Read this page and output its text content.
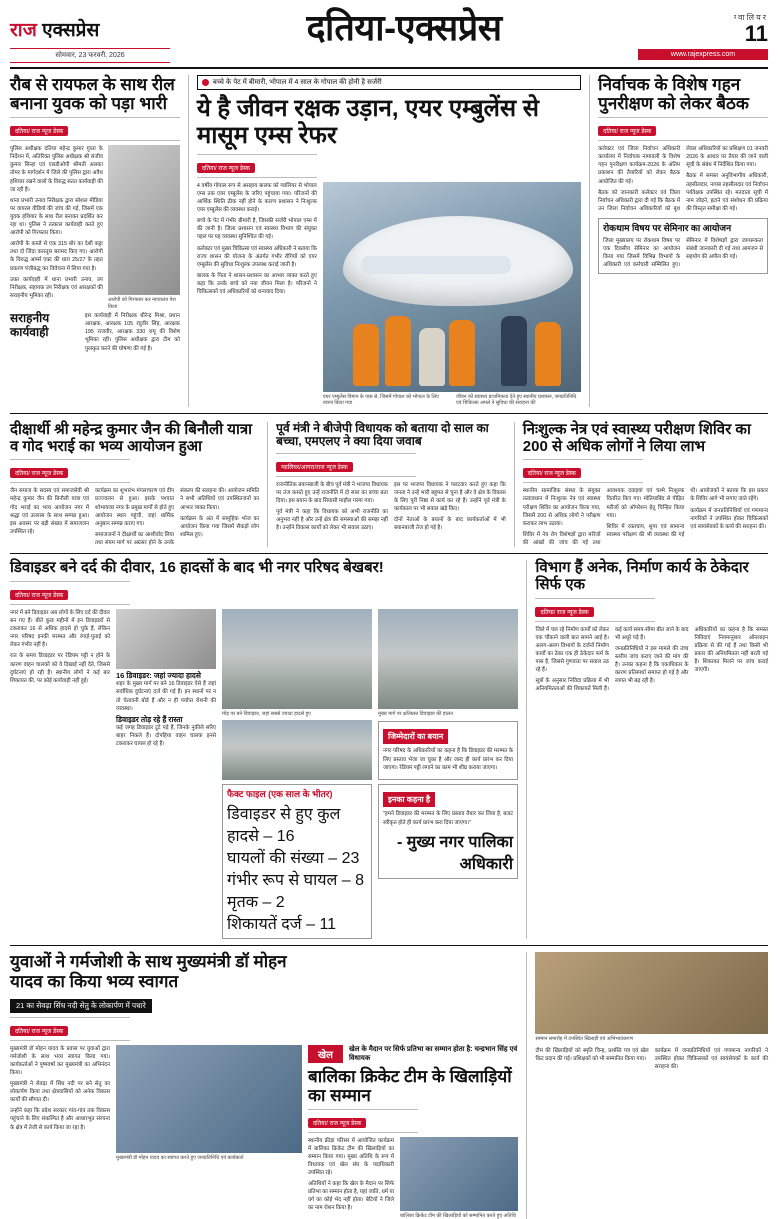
राज एक्सप्रेस
सोमवार, 23 फरवरी, 2026
दतिया-एक्सप्रेस	ग्वालियर
11
www.rajexpress.com
रौब से रायफल के साथ रील बनाना युवक को पड़ा भारी
दतिया/ राज न्यूज डेस्क

पुलिस अधीक्षक दतिया महेन्द्र कुमार गुप्ता के निर्देशन में, अतिरिक्त पुलिस अधीक्षक श्री संजीव कुमार सिन्हा एवं एसडीओपी श्रीमती अलका तोमर के मार्गदर्शन में जिले की पुलिस द्वारा अवैध हथियार रखने वालों के विरुद्ध सतत कार्यवाही की जा रही है।

थाना प्रभारी उनाव निरीक्षक द्वारा सोशल मीडिया पर वायरल वीडियो की जांच की गई, जिसमें एक युवक हथियार के साथ रील बनाकर प्रदर्शित कर रहा था। पुलिस ने तत्काल कार्यवाही करते हुए आरोपी को गिरफ्तार किया।

आरोपी के कब्जे से एक 315 बोर का देशी कट्टा तथा दो जिंदा कारतूस बरामद किए गए। आरोपी के विरुद्ध आर्म्स एक्ट की धारा 25/27 के तहत प्रकरण पंजीबद्ध कर विवेचना में लिया गया है।

उक्त कार्यवाही में थाना प्रभारी उनाव, उप निरीक्षक, सहायक उप निरीक्षक एवं आरक्षकों की सराहनीय भूमिका रही।

आरोपी को गिरफ्तार कर न्यायालय पेश किया
सराहनीय कार्यवाही

इस कार्यवाही में निरीक्षक धीरेन्द्र मिश्रा, प्रधान आरक्षक, आरक्षक 105 रघुवीर सिंह, आरक्षक 195 राजवीर, आरक्षक 330 रामू की विशेष भूमिका रही। पुलिस अधीक्षक द्वारा टीम को पुरस्कृत करने की घोषणा की गई है।

बच्चे के पेट में बीमारी, भोपाल में 4 साल के गोपाल की होनी है सर्जरी
ये है जीवन रक्षक उड़ान, एयर एम्बुलेंस से मासूम एम्स रेफर
दतिया/ राज न्यूज डेस्क

4 वर्षीय गोपाल रूप से असहाय बालक को ग्वालियर से भोपाल एम्स तक एयर एम्बुलेंस के जरिए पहुंचाया गया। परिजनों की आर्थिक स्थिति ठीक नहीं होने के कारण प्रशासन ने निःशुल्क एयर एम्बुलेंस की व्यवस्था कराई।

बच्चे के पेट में गंभीर बीमारी है, जिसकी सर्जरी भोपाल एम्स में की जानी है। जिला प्रशासन एवं स्वास्थ्य विभाग की संयुक्त पहल पर यह व्यवस्था सुनिश्चित की गई।

कलेक्टर एवं मुख्य चिकित्सा एवं स्वास्थ्य अधिकारी ने बताया कि राज्य शासन की योजना के अंतर्गत गंभीर रोगियों को एयर एम्बुलेंस की सुविधा निःशुल्क उपलब्ध कराई जाती है।

बालक के पिता ने शासन-प्रशासन का आभार व्यक्त करते हुए कहा कि उनके बच्चे को नया जीवन मिला है। परिजनों ने चिकित्सकों एवं अधिकारियों को धन्यवाद दिया।

एयर एम्बुलेंस विमान के पास से, जिसमें गोपाल को भोपाल के लिए रवाना किया गया
जीवन को स्वास्थ्य प्राथमिकता देते हुए स्थानीय प्रशासन, जनप्रतिनिधि एवं चिकित्सा अमले ने सुविधा की सराहना की
निर्वाचक के विशेष गहन पुनरीक्षण को लेकर बैठक
दतिया/ राज न्यूज डेस्क

कलेक्टर एवं जिला निर्वाचन अधिकारी कार्यालय में निर्वाचक नामावली के विशेष गहन पुनरीक्षण कार्यक्रम-2026 के अंतिम प्रकाशन की तैयारियों को लेकर बैठक आयोजित की गई।

बैठक को जानकारी कलेक्टर एवं जिला निर्वाचन अधिकारी द्वारा दी गई कि बैठक में उन जिला निर्वाचन अधिकारियों को बूथ लेवल अधिकारियों का प्रशिक्षण 01 जनवरी 2026 के आधार पर तैयार की जाने वाली सूची के संबंध में निर्देशित किया गया।

बैठक में समस्त अनुविभागीय अधिकारी, तहसीलदार, नायब तहसीलदार एवं निर्वाचन पर्यवेक्षक उपस्थित रहे। मतदाता सूची में नाम जोड़ने, हटाने एवं संशोधन की प्रक्रिया की विस्तृत समीक्षा की गई।

रोकथाम विषय पर सेमिनार का आयोजन

जिला मुख्यालय पर रोकथाम विषय पर एक दिवसीय सेमिनार का आयोजन किया गया जिसमें विभिन्न विभागों के अधिकारी एवं कर्मचारी सम्मिलित हुए। सेमिनार में विशेषज्ञों द्वारा जागरूकता संबंधी जानकारी दी गई तथा आमजन से सहयोग की अपील की गई।

दीक्षार्थी श्री महेन्द्र कुमार जैन की बिनौली यात्रा व गोद भराई का भव्य आयोजन हुआ
दतिया/ राज न्यूज डेस्क

जैन समाज के सदस्य एवं समाजसेवी श्री महेन्द्र कुमार जैन की बिनौली यात्रा एवं गोद भराई का भव्य आयोजन नगर में श्रद्धा एवं उल्लास के साथ सम्पन्न हुआ। इस अवसर पर बड़ी संख्या में समाजजन उपस्थित रहे।

कार्यक्रम का शुभारंभ मंगलाचरण एवं दीप प्रज्ज्वलन से हुआ। इसके पश्चात शोभायात्रा नगर के प्रमुख मार्गों से होते हुए आयोजन स्थल पहुंची, जहां धार्मिक अनुष्ठान सम्पन्न कराए गए।

समाजजनों ने दीक्षार्थी का आशीर्वाद लिया तथा संयम मार्ग पर अग्रसर होने के उनके संकल्प की सराहना की। आयोजन समिति ने सभी अतिथियों एवं उपस्थितजनों का आभार व्यक्त किया।

कार्यक्रम के अंत में सामूहिक भोज का आयोजन किया गया जिसमें सैकड़ों लोग शामिल हुए।

पूर्व मंत्री ने बीजेपी विधायक को बताया दो साल का बच्चा, एमएलए ने क्या दिया जवाब
ग्वालियर/आगरा/राज न्यूज डेस्क

राजनीतिक बयानबाजी के बीच पूर्व मंत्री ने भाजपा विधायक पर तंज कसते हुए उन्हें राजनीति में दो साल का बच्चा बता दिया। इस बयान के बाद सियासी माहौल गरमा गया।

पूर्व मंत्री ने कहा कि विधायक को अभी राजनीति का अनुभव नहीं है और उन्हें क्षेत्र की समस्याओं की समझ नहीं है। उन्होंने विकास कार्यों को लेकर भी सवाल उठाए।

इस पर भाजपा विधायक ने पलटवार करते हुए कहा कि जनता ने उन्हें भारी बहुमत से चुना है और वे क्षेत्र के विकास के लिए पूरी निष्ठा से कार्य कर रहे हैं। उन्होंने पूर्व मंत्री के कार्यकाल पर भी सवाल खड़े किए।

दोनों नेताओं के बयानों के बाद कार्यकर्ताओं में भी बयानबाजी तेज हो गई है।

निःशुल्क नेत्र एवं स्वास्थ्य परीक्षण शिविर का 200 से अधिक लोगों ने लिया लाभ
दतिया/ राज न्यूज डेस्क

स्थानीय सामाजिक संस्था के संयुक्त तत्वावधान में निःशुल्क नेत्र एवं स्वास्थ्य परीक्षण शिविर का आयोजन किया गया, जिसमें 200 से अधिक लोगों ने परीक्षण कराकर लाभ उठाया।

शिविर में नेत्र रोग विशेषज्ञों द्वारा मरीजों की आंखों की जांच की गई तथा आवश्यक दवाइयां एवं चश्मे निःशुल्क वितरित किए गए। मोतियाबिंद से पीड़ित मरीजों को ऑपरेशन हेतु चिन्हित किया गया।

शिविर में रक्तचाप, शुगर एवं सामान्य स्वास्थ्य परीक्षण की भी व्यवस्था की गई थी। आयोजकों ने बताया कि इस प्रकार के शिविर आगे भी लगाए जाते रहेंगे।

कार्यक्रम में जनप्रतिनिधियों एवं गणमान्य नागरिकों ने उपस्थित होकर चिकित्सकों एवं स्वयंसेवकों के कार्य की सराहना की।

डिवाइडर बने दर्द की दीवार, 16 हादसों के बाद भी नगर परिषद बेखबर!
दतिया/ राज न्यूज डेस्क

नगर में बने डिवाइडर अब लोगों के लिए दर्द की दीवार बन गए हैं। बीते कुछ महीनों में इन डिवाइडरों से टकराकर 16 से अधिक हादसे हो चुके हैं, लेकिन नगर परिषद इनकी मरम्मत और रंगाई-पुताई को लेकर गंभीर नहीं है।

रात के समय डिवाइडर पर रेडियम पट्टी न होने के कारण वाहन चालकों को वे दिखाई नहीं देते, जिससे दुर्घटनाएं हो रही हैं। स्थानीय लोगों ने कई बार शिकायत की, पर कोई कार्यवाही नहीं हुई।

16 डिवाइडर: जहां ज्यादा हादसे

शहर के मुख्य मार्ग पर बने 16 डिवाइडर ऐसे हैं जहां सर्वाधिक दुर्घटनाएं दर्ज की गई हैं। इन स्थानों पर न तो चेतावनी बोर्ड हैं और न ही पर्याप्त रोशनी की व्यवस्था।

डिवाइडर तोड़ रहे हैं रास्ता

कई जगह डिवाइडर टूटे पड़े हैं, जिनके नुकीले सरिए बाहर निकले हैं। दोपहिया वाहन चालक इनसे टकराकर घायल हो रहे हैं।

मोड़ पर बने डिवाइडर, जहां सबसे ज्यादा हादसे हुए	मुख्य मार्ग पर क्षतिग्रस्त डिवाइडर की हालत
जिम्मेदारों का बयान

नगर परिषद के अधिकारियों का कहना है कि डिवाइडर की मरम्मत के लिए प्रस्ताव भेजा जा चुका है और जल्द ही कार्य प्रारंभ कर दिया जाएगा। रेडियम पट्टी लगाने का काम भी शीघ्र कराया जाएगा।

फैक्ट फाइल (एक साल के भीतर)
डिवाइडर से हुए कुल हादसे – 16
घायलों की संख्या – 23
गंभीर रूप से घायल – 8
मृतक – 2
शिकायतें दर्ज – 11
इनका कहना है

"हमने डिवाइडर की मरम्मत के लिए प्रस्ताव तैयार कर लिया है, बजट स्वीकृत होते ही कार्य प्रारंभ करा दिया जाएगा।"

- मुख्य नगर पालिका अधिकारी
विभाग हैं अनेक, निर्माण कार्य के ठेकेदार सिर्फ एक
दतिया/ राज न्यूज डेस्क

जिले में चल रहे निर्माण कार्यों को लेकर एक चौंकाने वाली बात सामने आई है। अलग-अलग विभागों के दर्जनों निर्माण कार्यों का ठेका एक ही ठेकेदार फर्म के पास है, जिससे गुणवत्ता पर सवाल उठ रहे हैं।

सूत्रों के अनुसार निविदा प्रक्रिया में भी अनियमितताओं की शिकायतें मिली हैं। कई कार्य समय-सीमा बीत जाने के बाद भी अधूरे पड़े हैं।

जनप्रतिनिधियों ने इस मामले की उच्च स्तरीय जांच कराए जाने की मांग की है। उनका कहना है कि एकाधिकार के कारण प्रतिस्पर्धा समाप्त हो गई है और लागत भी बढ़ रही है।

अधिकारियों का कहना है कि समस्त निविदाएं नियमानुसार ऑनलाइन प्रक्रिया से की गई हैं तथा किसी भी प्रकार की अनियमितता नहीं बरती गई है। शिकायत मिलने पर जांच कराई जाएगी।

युवाओं ने गर्मजोशी के साथ मुख्यमंत्री डॉ मोहन यादव का किया भव्य स्वागत
21 का सेवढ़ा सिंध नदी सेतु के लोकार्पण में पधारे
दतिया/ राज न्यूज डेस्क

मुख्यमंत्री डॉ मोहन यादव के प्रवास पर युवाओं द्वारा गर्मजोशी के साथ भव्य स्वागत किया गया। कार्यकर्ताओं ने पुष्पवर्षा कर मुख्यमंत्री का अभिनंदन किया।

मुख्यमंत्री ने सेवढ़ा में सिंध नदी पर बने सेतु का लोकार्पण किया तथा क्षेत्रवासियों को अनेक विकास कार्यों की सौगात दी।

उन्होंने कहा कि प्रदेश सरकार गांव-गांव तक विकास पहुंचाने के लिए संकल्पित है और आधारभूत संरचना के क्षेत्र में तेजी से कार्य किया जा रहा है।

मुख्यमंत्री डॉ मोहन यादव का स्वागत करते हुए जनप्रतिनिधि एवं कार्यकर्ता
खेल
खेल के मैदान पर सिर्फ प्रतिभा का सम्मान होता है: चन्द्रभान सिंह एवं विधायक
बालिका क्रिकेट टीम के खिलाड़ियों का सम्मान
दतिया/ राज न्यूज डेस्क

स्थानीय क्रीड़ा परिसर में आयोजित कार्यक्रम में बालिका क्रिकेट टीम की खिलाड़ियों का सम्मान किया गया। मुख्य अतिथि के रूप में विधायक एवं खेल संघ के पदाधिकारी उपस्थित रहे।

अतिथियों ने कहा कि खेल के मैदान पर सिर्फ प्रतिभा का सम्मान होता है, यहां जाति, धर्म या वर्ग का कोई भेद नहीं होता। बेटियों ने जिले का नाम रोशन किया है।

बालिका क्रिकेट टीम की खिलाड़ियों को सम्मानित करते हुए अतिथि
सम्मान समारोह में उपस्थित खिलाड़ी एवं अभिभावकगण

टीम की खिलाड़ियों को स्मृति चिन्ह, प्रशस्ति पत्र एवं खेल किट प्रदान की गई। प्रशिक्षकों को भी सम्मानित किया गया।

कार्यक्रम में जनप्रतिनिधियों एवं गणमान्य नागरिकों ने उपस्थित होकर चिकित्सकों एवं स्वयंसेवकों के कार्य की सराहना की।
